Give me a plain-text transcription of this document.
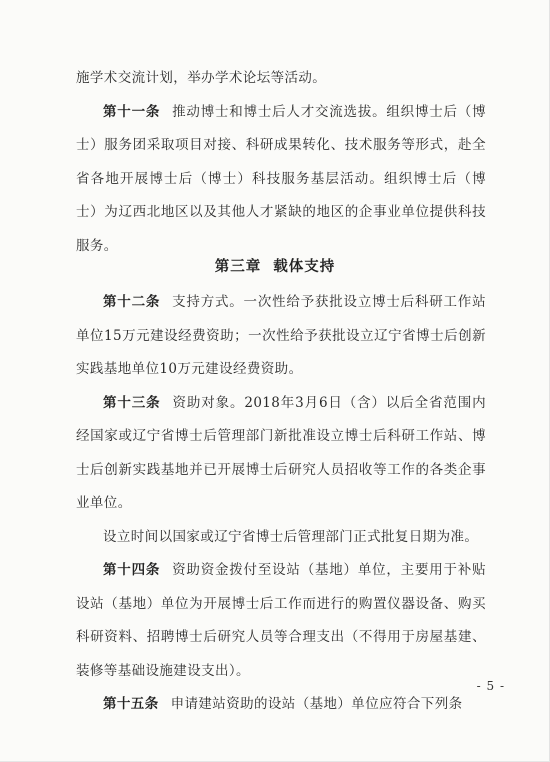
施学术交流计划，举办学术论坛等活动。

第十一条 推动博士和博士后人才交流选拔。组织博士后（博士）服务团采取项目对接、科研成果转化、技术服务等形式，赴全省各地开展博士后（博士）科技服务基层活动。组织博士后（博士）为辽西北地区以及其他人才紧缺的地区的企事业单位提供科技服务。

第三章 载体支持

第十二条 支持方式。一次性给予获批设立博士后科研工作站单位15万元建设经费资助；一次性给予获批设立辽宁省博士后创新实践基地单位10万元建设经费资助。

第十三条 资助对象。2018年3月6日（含）以后全省范围内经国家或辽宁省博士后管理部门新批准设立博士后科研工作站、博士后创新实践基地并已开展博士后研究人员招收等工作的各类企事业单位。

设立时间以国家或辽宁省博士后管理部门正式批复日期为准。

第十四条 资助资金拨付至设站（基地）单位，主要用于补贴设站（基地）单位为开展博士后工作而进行的购置仪器设备、购买科研资料、招聘博士后研究人员等合理支出（不得用于房屋基建、装修等基础设施建设支出）。

第十五条 申请建站资助的设站（基地）单位应符合下列条

- 5 -
